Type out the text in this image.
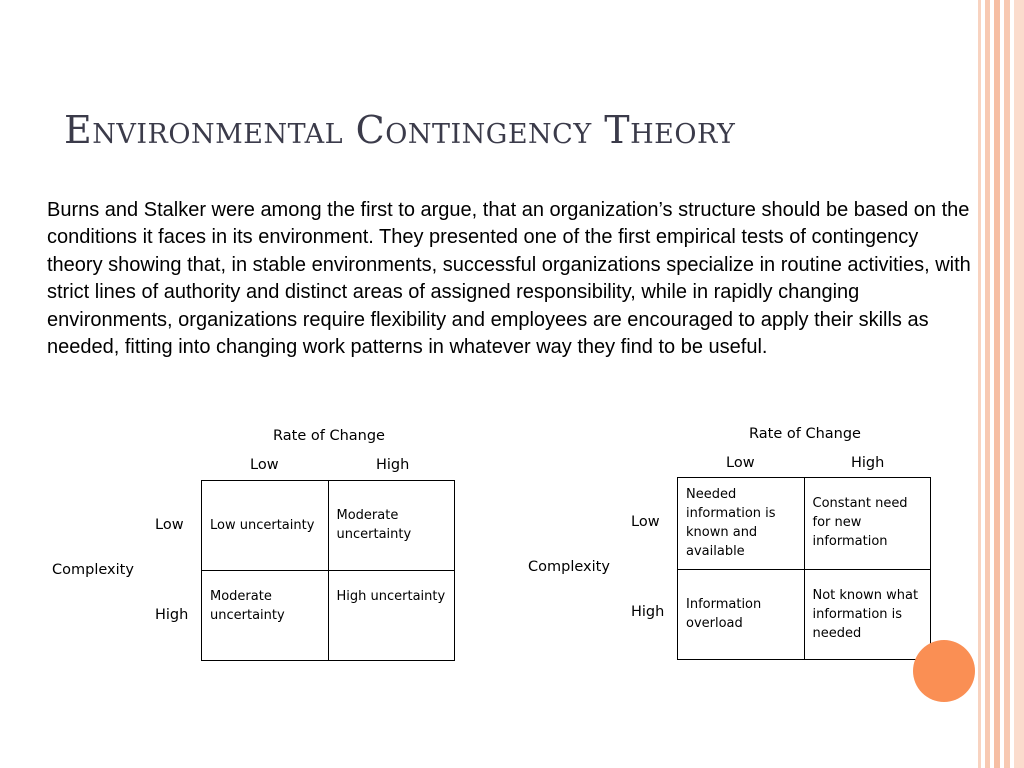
Environmental Contingency Theory
Burns and Stalker were among the first to argue, that an organization’s structure should be based on the conditions it faces in its environment. They presented one of the first empirical tests of contingency theory showing that, in stable environments, successful organizations specialize in routine activities, with strict lines of authority and distinct areas of assigned responsibility, while in rapidly changing environments, organizations require flexibility and employees are encouraged to apply their skills as needed, fitting into changing work patterns in whatever way they find to be useful.
Rate of Change
Low	High
Complexity
Low
High
Low uncertainty	Moderate uncertainty

Moderate uncertainty	High uncertainty
Rate of Change
Low	High
Complexity
Low
High
Needed information is known and available	Constant need for new information

Information overload	Not known what information is needed
